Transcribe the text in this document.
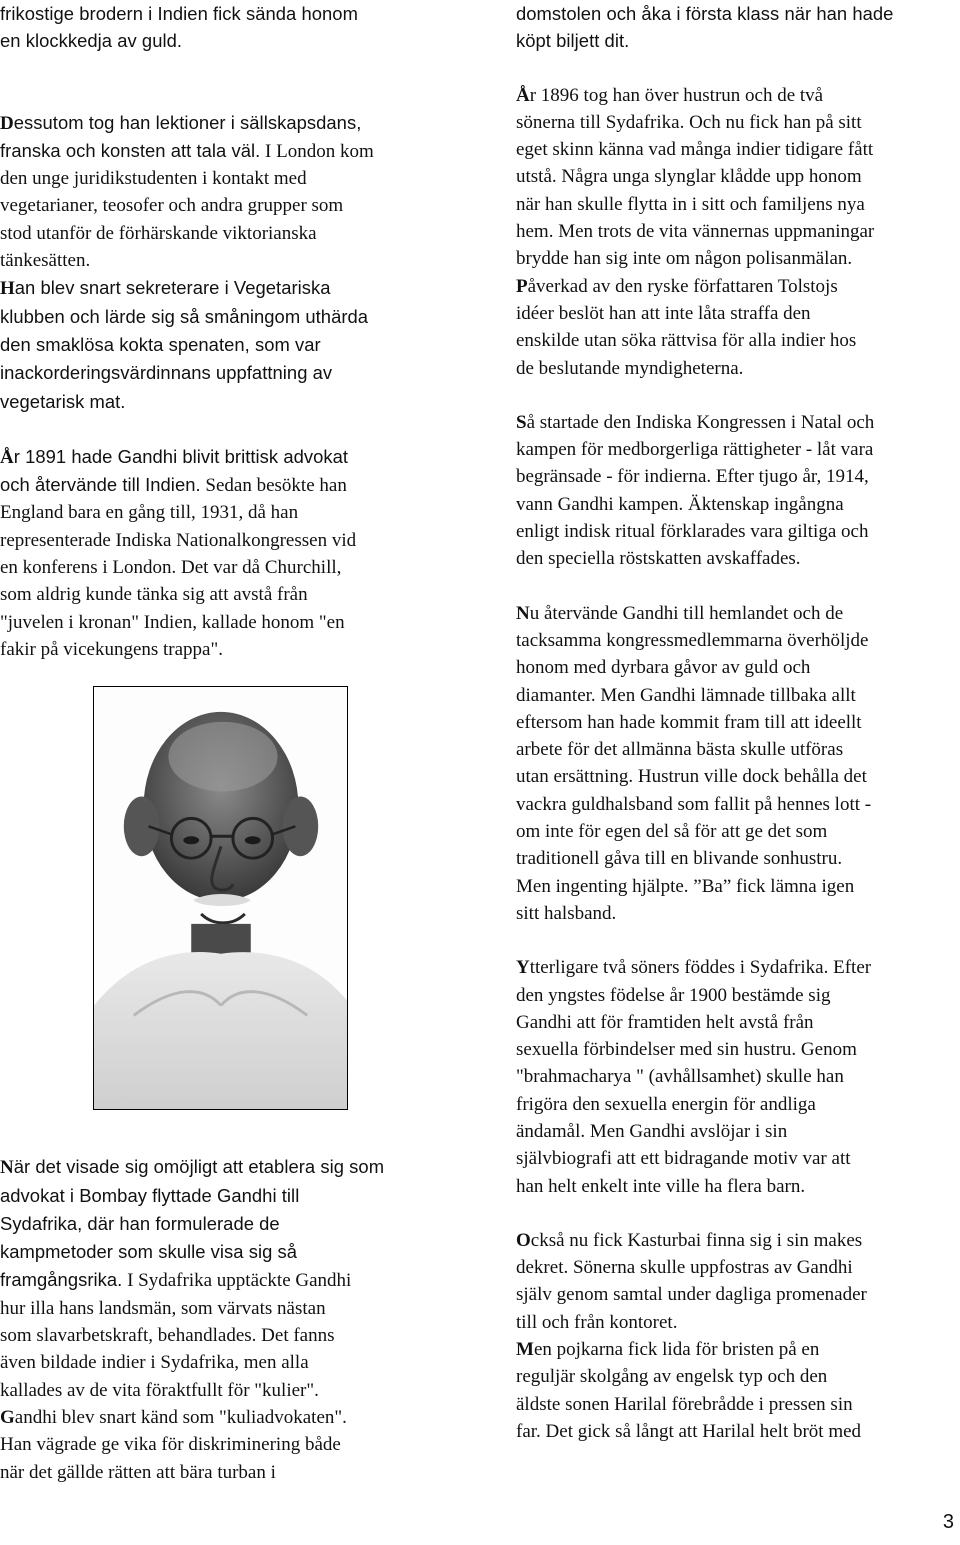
frikostige brodern i Indien fick sända honom
en klockkedja av guld.

Dessutom tog han lektioner i sällskapsdans,
franska och konsten att tala väl. I London kom
den unge juridikstudenten i kontakt med
vegetarianer, teosofer och andra grupper som
stod utanför de förhärskande viktorianska
tänkesätten.

Han blev snart sekreterare i Vegetariska
klubben och lärde sig så småningom uthärda
den smaklösa kokta spenaten, som var
inackorderingsvärdinnans uppfattning av
vegetarisk mat.

År 1891 hade Gandhi blivit brittisk advokat
och återvände till Indien. Sedan besökte han
England bara en gång till, 1931, då han
representerade Indiska Nationalkongressen vid
en konferens i London. Det var då Churchill,
som aldrig kunde tänka sig att avstå från
"juvelen i kronan" Indien, kallade honom "en
fakir på vicekungens trappa".

När det visade sig omöjligt att etablera sig som
advokat i Bombay flyttade Gandhi till
Sydafrika, där han formulerade de
kampmetoder som skulle visa sig så
framgångsrika. I Sydafrika upptäckte Gandhi
hur illa hans landsmän, som värvats nästan
som slavarbetskraft, behandlades. Det fanns
även bildade indier i Sydafrika, men alla
kallades av de vita föraktfullt för "kulier".

Gandhi blev snart känd som "kuliadvokaten".
Han vägrade ge vika för diskriminering både
när det gällde rätten att bära turban i

domstolen och åka i första klass när han hade
köpt biljett dit.

År 1896 tog han över hustrun och de två
sönerna till Sydafrika. Och nu fick han på sitt
eget skinn känna vad många indier tidigare fått
utstå. Några unga slynglar klådde upp honom
när han skulle flytta in i sitt och familjens nya
hem. Men trots de vita vännernas uppmaningar
brydde han sig inte om någon polisanmälan.

Påverkad av den ryske författaren Tolstojs
idéer beslöt han att inte låta straffa den
enskilde utan söka rättvisa för alla indier hos
de beslutande myndigheterna.

Så startade den Indiska Kongressen i Natal och
kampen för medborgerliga rättigheter - låt vara
begränsade - för indierna. Efter tjugo år, 1914,
vann Gandhi kampen. Äktenskap ingångna
enligt indisk ritual förklarades vara giltiga och
den speciella röstskatten avskaffades.

Nu återvände Gandhi till hemlandet och de
tacksamma kongressmedlemmarna överhöljde
honom med dyrbara gåvor av guld och
diamanter. Men Gandhi lämnade tillbaka allt
eftersom han hade kommit fram till att ideellt
arbete för det allmänna bästa skulle utföras
utan ersättning. Hustrun ville dock behålla det
vackra guldhalsband som fallit på hennes lott -
om inte för egen del så för att ge det som
traditionell gåva till en blivande sonhustru.
Men ingenting hjälpte. ”Ba” fick lämna igen
sitt halsband.

Ytterligare två söners föddes i Sydafrika. Efter
den yngstes födelse år 1900 bestämde sig
Gandhi att för framtiden helt avstå från
sexuella förbindelser med sin hustru. Genom
"brahmacharya " (avhållsamhet) skulle han
frigöra den sexuella energin för andliga
ändamål. Men Gandhi avslöjar i sin
självbiografi att ett bidragande motiv var att
han helt enkelt inte ville ha flera barn.

Också nu fick Kasturbai finna sig i sin makes
dekret. Sönerna skulle uppfostras av Gandhi
själv genom samtal under dagliga promenader
till och från kontoret.

Men pojkarna fick lida för bristen på en
reguljär skolgång av engelsk typ och den
äldste sonen Harilal förebrådde i pressen sin
far. Det gick så långt att Harilal helt bröt med

3
